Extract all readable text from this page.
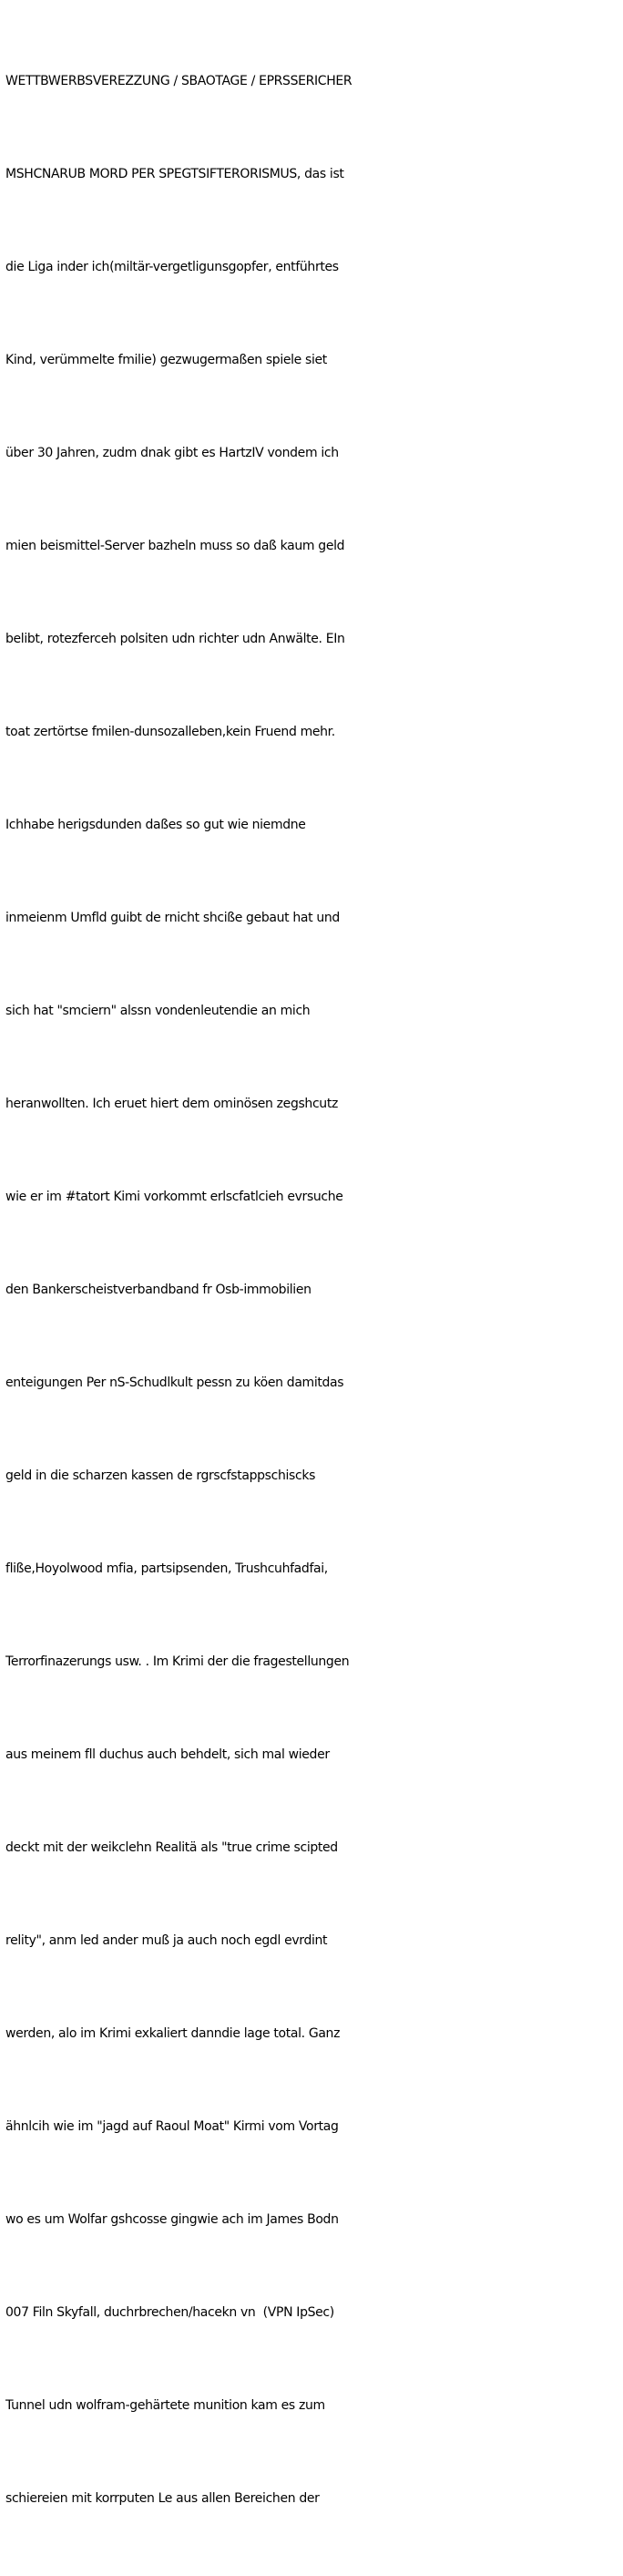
WETTBWERBSVEREZZUNG / SBAOTAGE / EPRSSERICHER

MSHCNARUB MORD PER SPEGTSIFTERORISMUS, das ist

die Liga inder ich(miltär-vergetligunsgopfer, entführtes

Kind, verümmelte fmilie) gezwugermaßen spiele siet

über 30 Jahren, zudm dnak gibt es HartzIV vondem ich

mien beismittel-Server bazheln muss so daß kaum geld

belibt, rotezferceh polsiten udn richter udn Anwälte. EIn

toat zertörtse fmilen-dunsozalleben,kein Fruend mehr.

Ichhabe herigsdunden daßes so gut wie niemdne

inmeienm Umfld guibt de rnicht shciße gebaut hat und

sich hat "smciern" alssn vondenleutendie an mich

heranwollten. Ich eruet hiert dem ominösen zegshcutz

wie er im #tatort Kimi vorkommt erlscfatlcieh evrsuche

den Bankerscheistverbandband fr Osb-immobilien

enteigungen Per nS-Schudlkult pessn zu köen damitdas

geld in die scharzen kassen de rgrscfstappschiscks

fliße,Hoyolwood mfia, partsipsenden, Trushcuhfadfai,

Terrorfinazerungs usw. . Im Krimi der die fragestellungen

aus meinem fll duchus auch behdelt, sich mal wieder

deckt mit der weikclehn Realitä als "true crime scipted

relity", anm led ander muß ja auch noch egdl evrdint

werden, alo im Krimi exkaliert danndie lage total. Ganz

ähnlcih wie im "jagd auf Raoul Moat" Kirmi vom Vortag

wo es um Wolfar gshcosse gingwie ach im James Bodn

007 Filn Skyfall, duchrbrechen/hacekn vn  (VPN IpSec)

Tunnel udn wolfram-gehärtete munition kam es zum

schiereien mit korrputen Le aus allen Bereichen der
